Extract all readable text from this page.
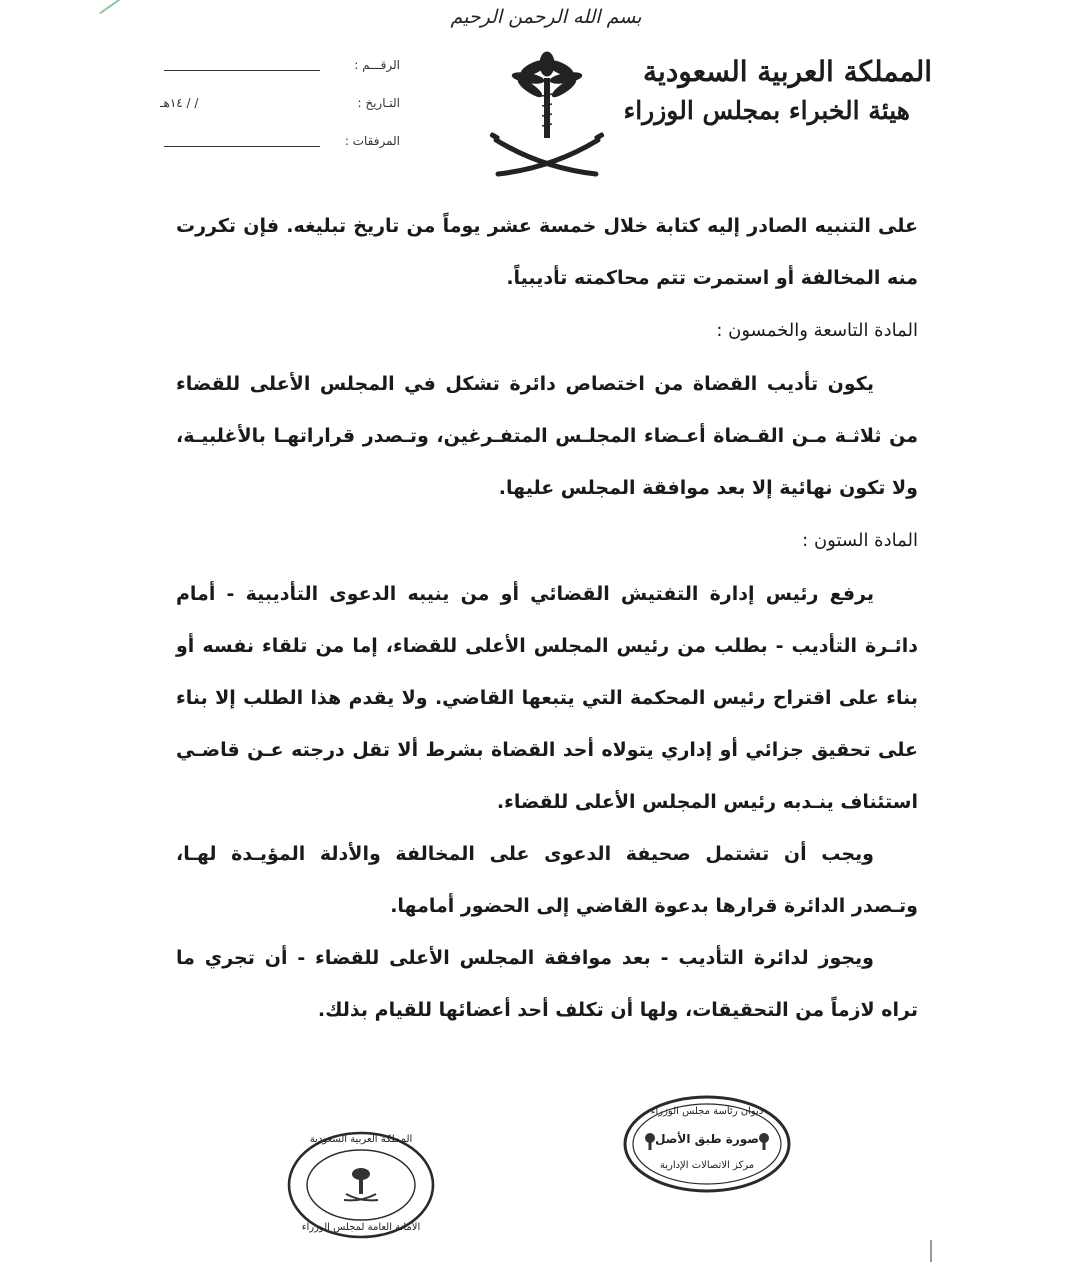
بسم الله الرحمن الرحيم
المملكة العربية السعودية
هيئة الخبراء بمجلس الوزراء
الرقـــم :
التـاريخ :
/ / ١٤هـ
المرفقات :
على التنبيه الصادر إليه كتابة خلال خمسة عشر يوماً من تاريخ تبليغه. فإن تكررت منه المخالفة أو استمرت تتم محاكمته تأديبياً.
المادة التاسعة والخمسون :
يكون تأديب القضاة من اختصاص دائرة تشكل في المجلس الأعلى للقضاء من ثلاثـة مـن القـضاة أعـضاء المجلـس المتفـرغين، وتـصدر قراراتهـا بالأغلبيـة، ولا تكون نهائية إلا بعد موافقة المجلس عليها.
المادة الستون :
يرفع رئيس إدارة التفتيش القضائي أو من ينيبه الدعوى التأديبية - أمام دائـرة التأديب - بطلب من رئيس المجلس الأعلى للقضاء، إما من تلقاء نفسه أو بناء على اقتراح رئيس المحكمة التي يتبعها القاضي. ولا يقدم هذا الطلب إلا بناء على تحقيق جزائي أو إداري يتولاه أحد القضاة بشرط ألا تقل درجته عـن قاضـي استئناف ينـدبه رئيس المجلس الأعلى للقضاء.
ويجب أن تشتمل صحيفة الدعوى على المخالفة والأدلة المؤيـدة لهـا، وتـصدر الدائرة قرارها بدعوة القاضي إلى الحضور أمامها.
ويجوز لدائرة التأديب - بعد موافقة المجلس الأعلى للقضاء - أن تجري ما تراه لازماً من التحقيقات، ولها أن تكلف أحد أعضائها للقيام بذلك.
ديوان رئاسة مجلس الوزراء
صورة طبق الأصل
مركز الاتصالات الإدارية
المملكة العربية السعودية
الأمانة العامة لمجلس الوزراء
